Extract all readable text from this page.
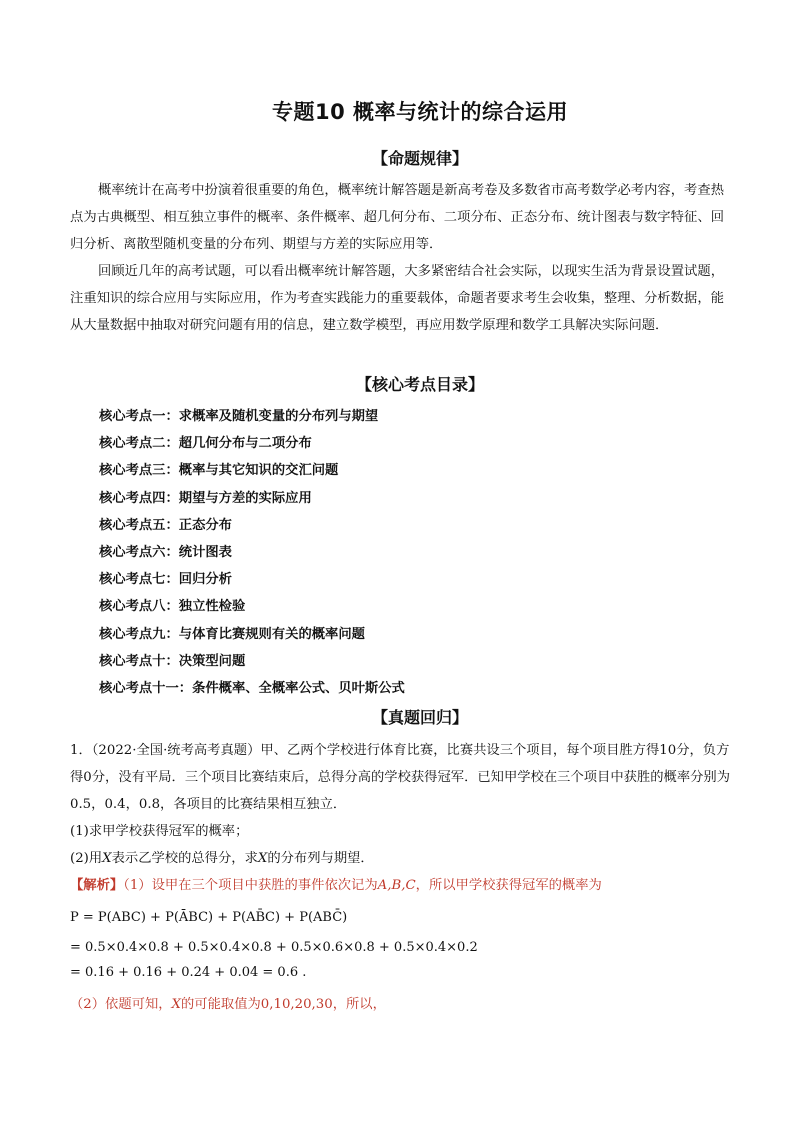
专题10 概率与统计的综合运用
【命题规律】

概率统计在高考中扮演着很重要的角色，概率统计解答题是新高考卷及多数省市高考数学必考内容，考查热点为古典概型、相互独立事件的概率、条件概率、超几何分布、二项分布、正态分布、统计图表与数字特征、回归分析、离散型随机变量的分布列、期望与方差的实际应用等．

回顾近几年的高考试题，可以看出概率统计解答题，大多紧密结合社会实际，以现实生活为背景设置试题，注重知识的综合应用与实际应用，作为考查实践能力的重要载体，命题者要求考生会收集，整理、分析数据，能从大量数据中抽取对研究问题有用的信息，建立数学模型，再应用数学原理和数学工具解决实际问题．

【核心考点目录】
核心考点一：求概率及随机变量的分布列与期望
核心考点二：超几何分布与二项分布
核心考点三：概率与其它知识的交汇问题
核心考点四：期望与方差的实际应用
核心考点五：正态分布
核心考点六：统计图表
核心考点七：回归分析
核心考点八：独立性检验
核心考点九：与体育比赛规则有关的概率问题
核心考点十：决策型问题
核心考点十一：条件概率、全概率公式、贝叶斯公式
【真题回归】

1．（2022·全国·统考高考真题）甲、乙两个学校进行体育比赛，比赛共设三个项目，每个项目胜方得10分，负方得0分，没有平局．三个项目比赛结束后，总得分高的学校获得冠军．已知甲学校在三个项目中获胜的概率分别为0.5，0.4，0.8，各项目的比赛结果相互独立．

(1)求甲学校获得冠军的概率；

(2)用X表示乙学校的总得分，求X的分布列与期望．

【解析】（1）设甲在三个项目中获胜的事件依次记为A,B,C，所以甲学校获得冠军的概率为
P = P(ABC) + P(ĀBC) + P(AB̄C) + P(ABC̄)
= 0.5×0.4×0.8 + 0.5×0.4×0.8 + 0.5×0.6×0.8 + 0.5×0.4×0.2
= 0.16 + 0.16 + 0.24 + 0.04 = 0.6 .
（2）依题可知，X的可能取值为0,10,20,30，所以，
